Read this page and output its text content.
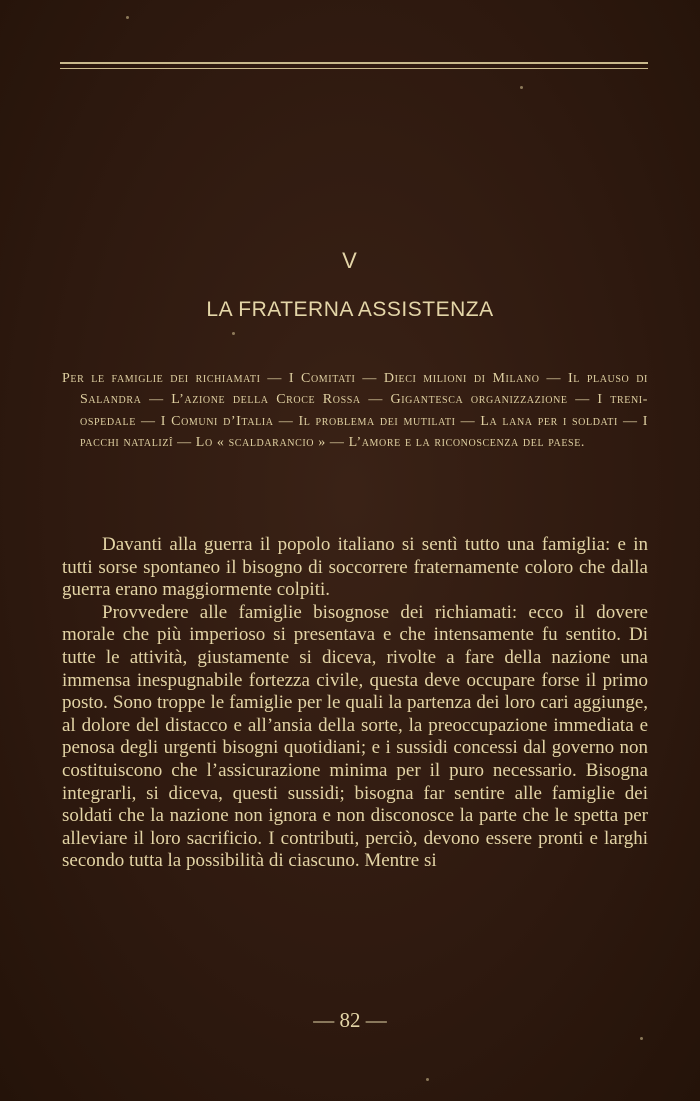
V
LA FRATERNA ASSISTENZA
Per le famiglie dei richiamati — I Comitati — Dieci milioni di Milano — Il plauso di Salandra — L’azione della Croce Rossa — Gigantesca organizzazione — I treni-ospedale — I Comuni d’Italia — Il problema dei mutilati — La lana per i soldati — I pacchi natalizî — Lo « scaldarancio » — L’amore e la riconoscenza del paese.

Davanti alla guerra il popolo italiano si sentì tutto una famiglia: e in tutti sorse spontaneo il bisogno di soccorrere fraternamente coloro che dalla guerra erano maggiormente colpiti.

Provvedere alle famiglie bisognose dei richiamati: ecco il dovere morale che più imperioso si presentava e che intensamente fu sentito. Di tutte le attività, giustamente si diceva, rivolte a fare della nazione una immensa inespugnabile fortezza civile, questa deve occupare forse il primo posto. Sono troppe le famiglie per le quali la partenza dei loro cari aggiunge, al dolore del distacco e all’ansia della sorte, la preoccupazione immediata e penosa degli urgenti bisogni quotidiani; e i sussidi concessi dal governo non costituiscono che l’assicurazione minima per il puro necessario. Bisogna integrarli, si diceva, questi sussidi; bisogna far sentire alle famiglie dei soldati che la nazione non ignora e non disconosce la parte che le spetta per alleviare il loro sacrificio. I contributi, perciò, devono essere pronti e larghi secondo tutta la possibilità di ciascuno. Mentre si

— 82 —
